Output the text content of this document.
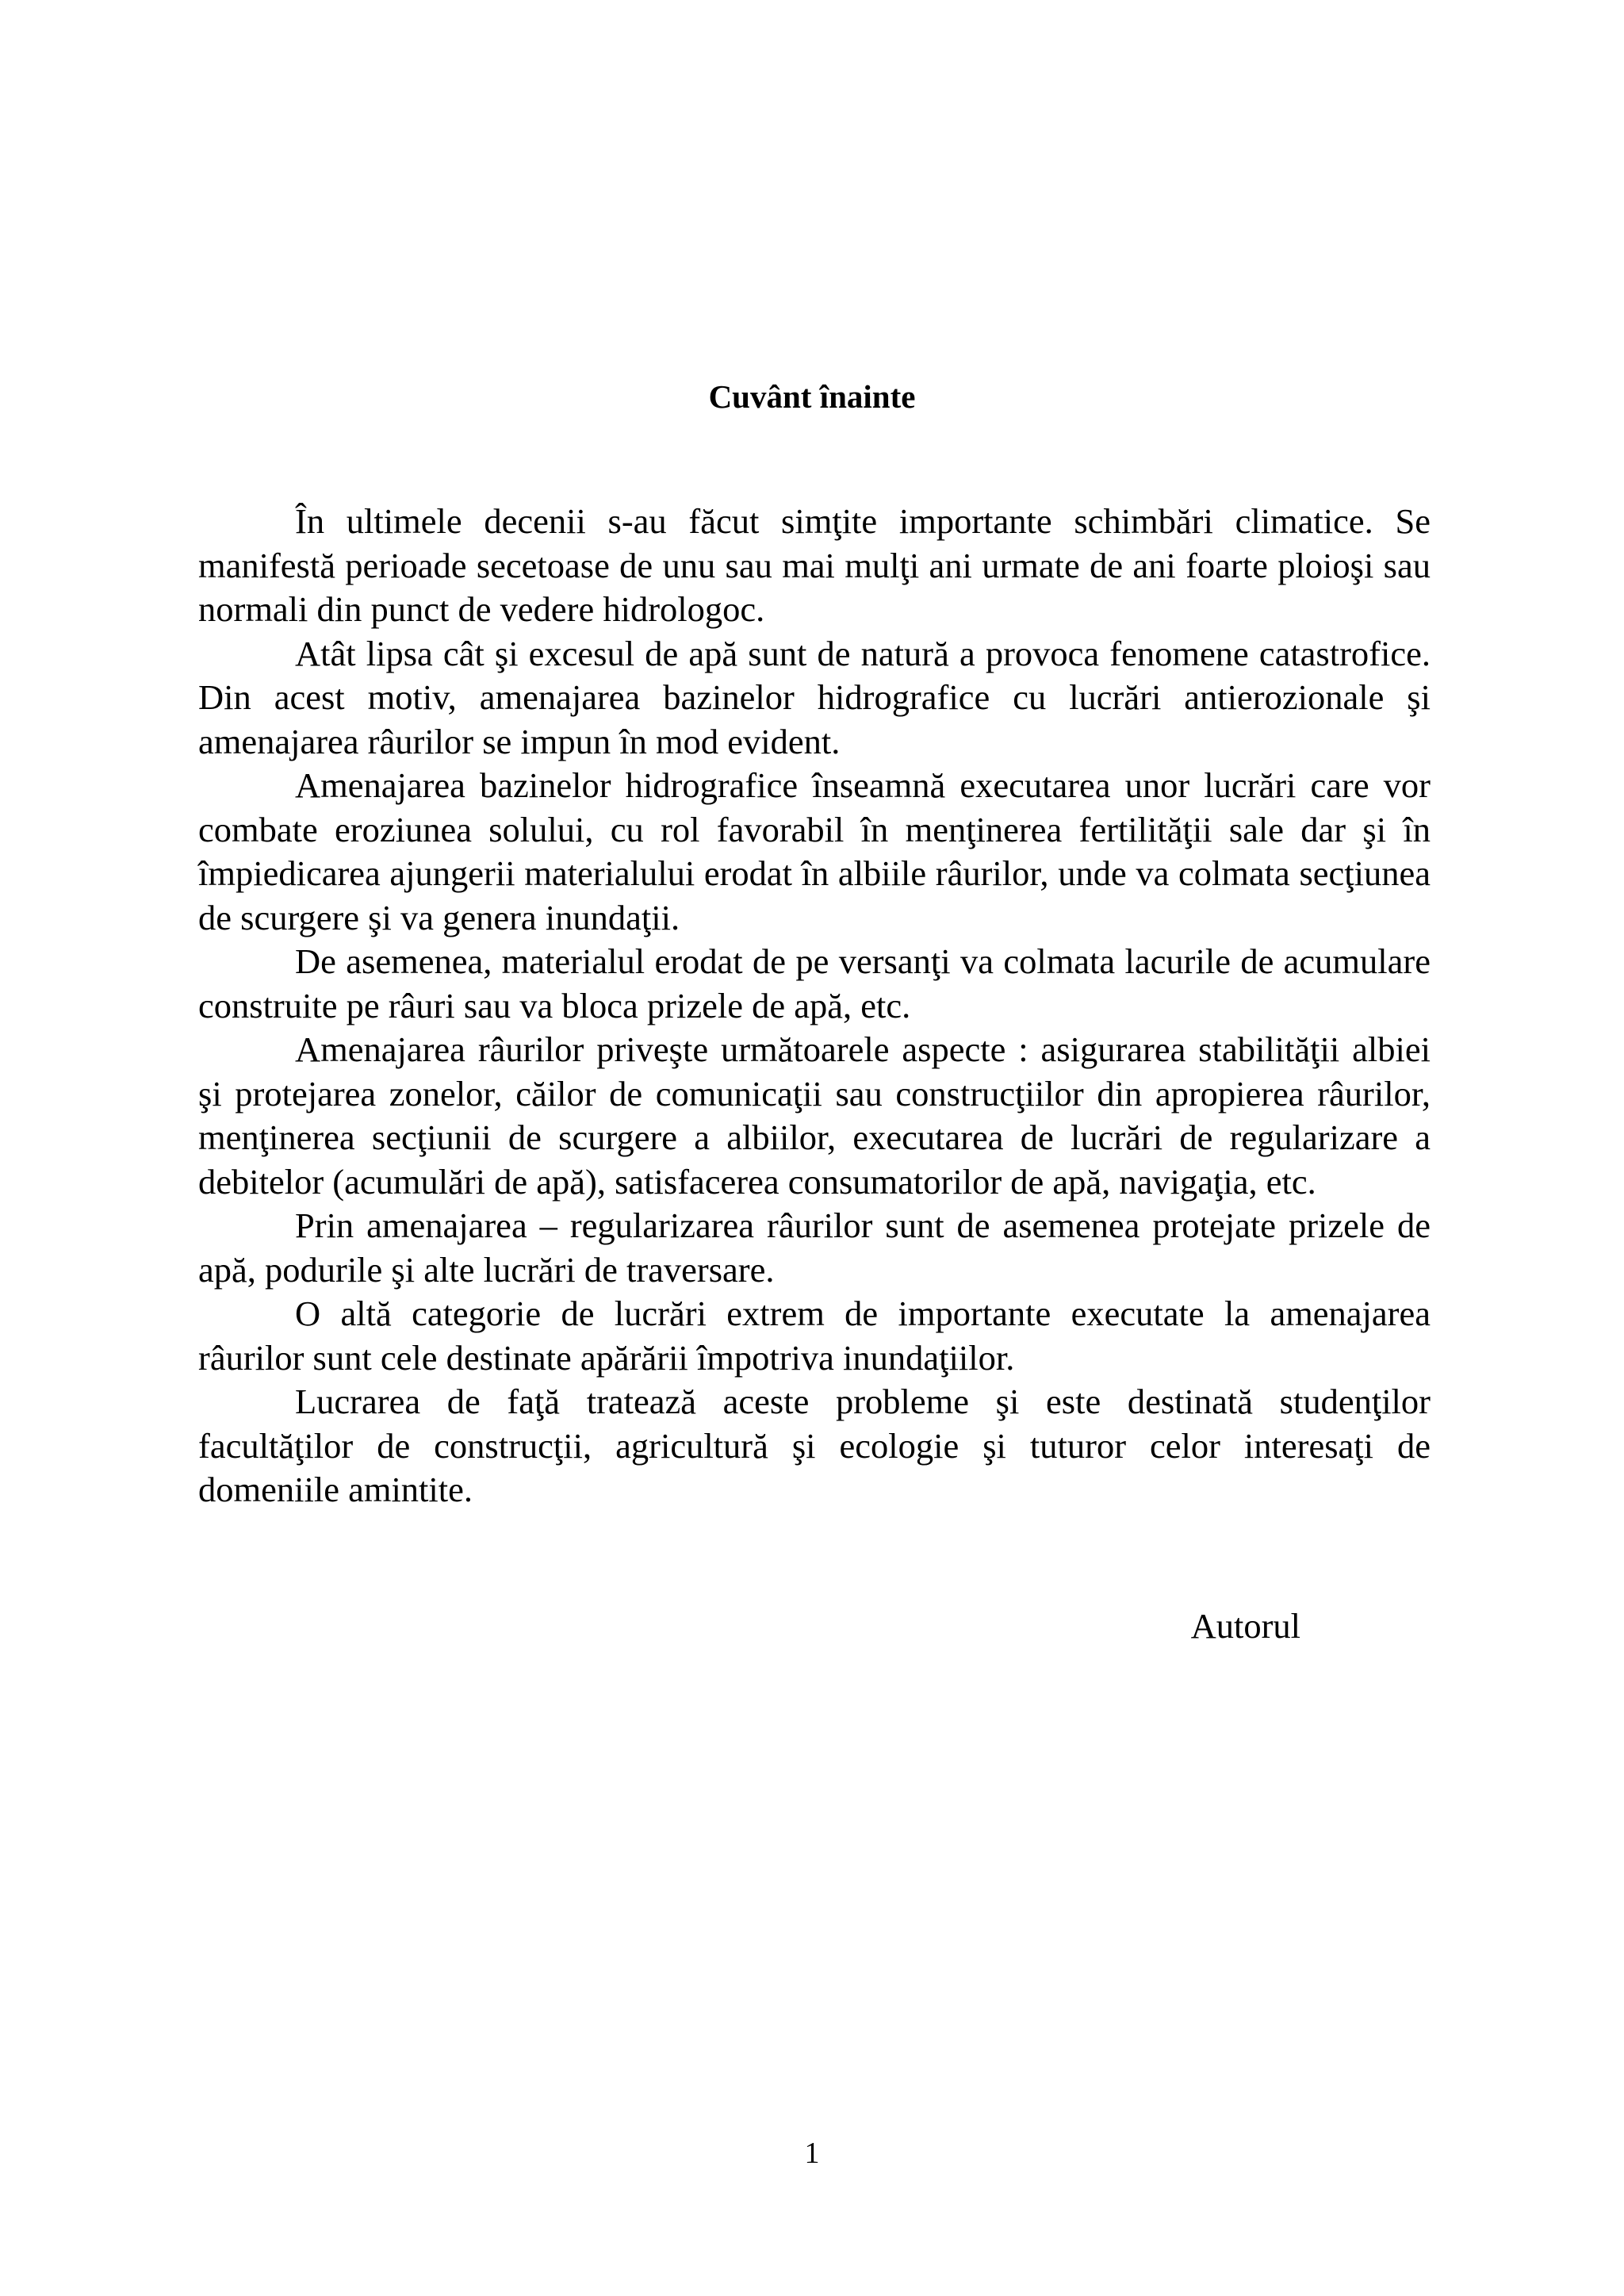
Cuvânt înainte

În ultimele decenii s-au făcut simţite importante schimbări climatice. Se manifestă perioade secetoase de unu sau mai mulţi ani urmate de ani foarte ploioşi sau normali din punct de vedere hidrologoc.

Atât lipsa cât şi excesul de apă sunt de natură a provoca fenomene catastrofice. Din acest motiv, amenajarea bazinelor hidrografice cu lucrări antierozionale şi amenajarea râurilor se impun în mod evident.

Amenajarea bazinelor hidrografice înseamnă executarea unor lucrări care vor combate eroziunea solului, cu rol favorabil în menţinerea fertilităţii sale dar şi în împiedicarea ajungerii materialului erodat în albiile râurilor, unde va colmata secţiunea de scurgere şi va genera inundaţii.

De asemenea, materialul erodat de pe versanţi va colmata lacurile de acumulare construite pe râuri sau va bloca prizele de apă, etc.

Amenajarea râurilor priveşte următoarele aspecte : asigurarea stabilităţii albiei şi protejarea zonelor, căilor de comunicaţii sau construcţiilor din apropierea râurilor, menţinerea secţiunii de scurgere a albiilor, executarea de lucrări de regularizare a debitelor (acumulări de apă), satisfacerea consumatorilor de apă, navigaţia, etc.

Prin amenajarea – regularizarea râurilor sunt de asemenea protejate prizele de apă, podurile şi alte lucrări de traversare.

O altă categorie de lucrări extrem de importante executate la amenajarea râurilor sunt cele destinate apărării împotriva inundaţiilor.

Lucrarea de faţă tratează aceste probleme şi este destinată studenţilor facultăţilor de construcţii, agricultură şi ecologie şi tuturor celor interesaţi de domeniile amintite.

Autorul

1
